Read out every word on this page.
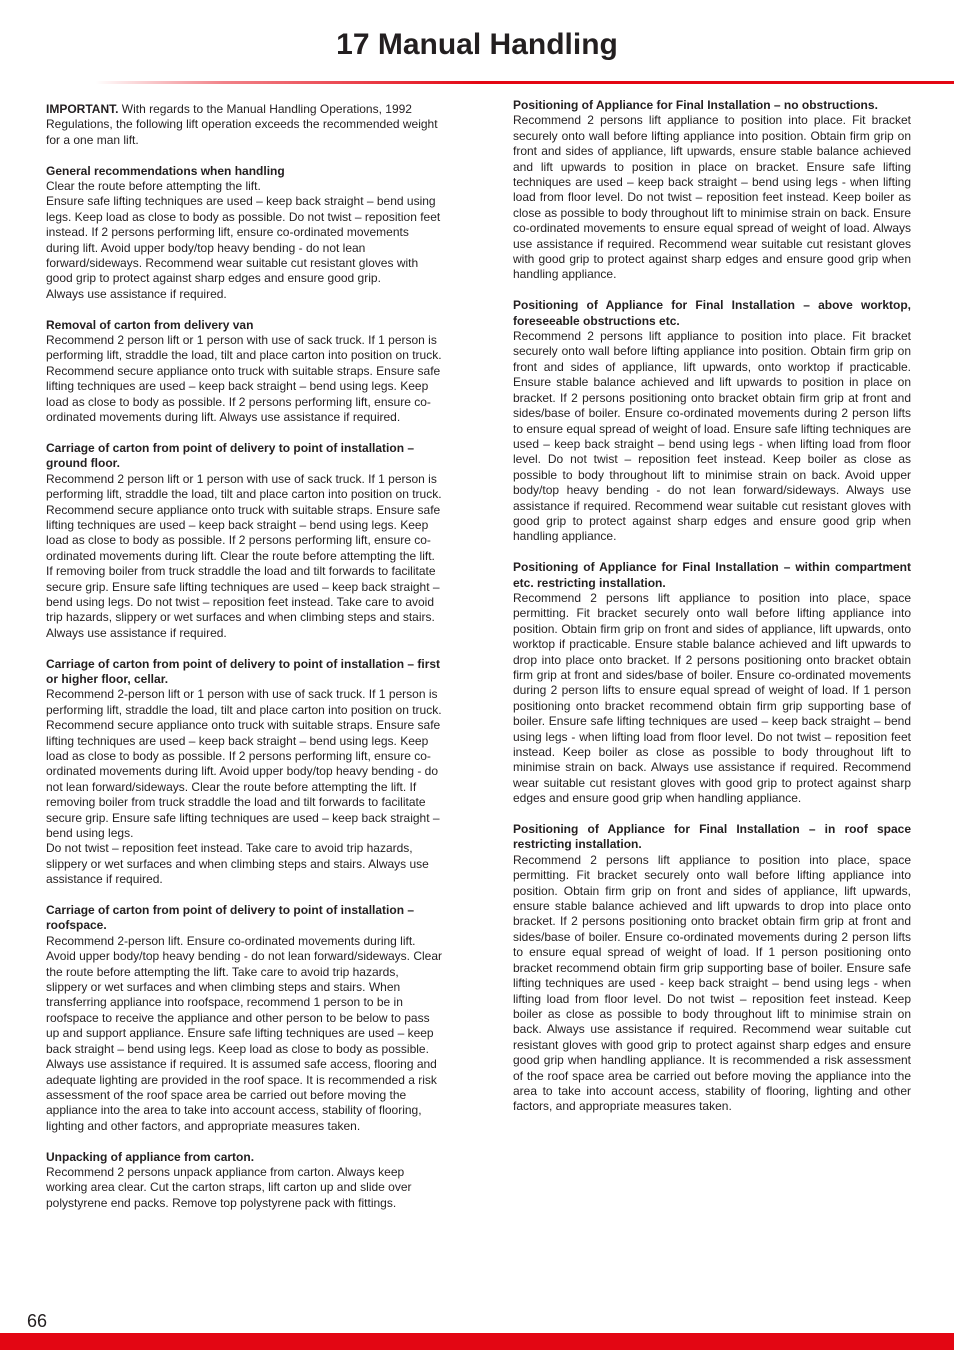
17 Manual Handling

IMPORTANT. With regards to the Manual Handling Operations, 1992 Regulations, the following lift operation exceeds the recommended weight for a one man lift.

General recommendations when handling
Clear the route before attempting the lift.
Ensure safe lifting techniques are used – keep back straight – bend using legs. Keep load as close to body as possible. Do not twist – reposition feet instead. If 2 persons performing lift, ensure co-ordinated movements during lift. Avoid upper body/top heavy bending - do not lean forward/sideways. Recommend wear suitable cut resistant gloves with good grip to protect against sharp edges and ensure good grip.
Always use assistance if required.

Removal of carton from delivery van
Recommend 2 person lift or 1 person with use of sack truck. If 1 person is performing lift, straddle the load, tilt and place carton into position on truck. Recommend secure appliance onto truck with suitable straps. Ensure safe lifting techniques are used – keep back straight – bend using legs. Keep load as close to body as possible. If 2 persons performing lift, ensure co-ordinated movements during lift. Always use assistance if required.

Carriage of carton from point of delivery to point of installation – ground floor.
Recommend 2 person lift or 1 person with use of sack truck. If 1 person is performing lift, straddle the load, tilt and place carton into position on truck. Recommend secure appliance onto truck with suitable straps. Ensure safe lifting techniques are used – keep back straight – bend using legs. Keep load as close to body as possible. If 2 persons performing lift, ensure co-ordinated movements during lift. Clear the route before attempting the lift. If removing boiler from truck straddle the load and tilt forwards to facilitate secure grip. Ensure safe lifting techniques are used – keep back straight – bend using legs. Do not twist – reposition feet instead. Take care to avoid trip hazards, slippery or wet surfaces and when climbing steps and stairs. Always use assistance if required.

Carriage of carton from point of delivery to point of installation – first or higher floor, cellar.
Recommend 2-person lift or 1 person with use of sack truck. If 1 person is performing lift, straddle the load, tilt and place carton into position on truck. Recommend secure appliance onto truck with suitable straps. Ensure safe lifting techniques are used – keep back straight – bend using legs. Keep load as close to body as possible. If 2 persons performing lift, ensure co-ordinated movements during lift. Avoid upper body/top heavy bending - do not lean forward/sideways. Clear the route before attempting the lift. If removing boiler from truck straddle the load and tilt forwards to facilitate secure grip. Ensure safe lifting techniques are used – keep back straight – bend using legs.
Do not twist – reposition feet instead. Take care to avoid trip hazards, slippery or wet surfaces and when climbing steps and stairs. Always use assistance if required.

Carriage of carton from point of delivery to point of installation – roofspace.
Recommend 2-person lift. Ensure co-ordinated movements during lift. Avoid upper body/top heavy bending - do not lean forward/sideways. Clear the route before attempting the lift. Take care to avoid trip hazards, slippery or wet surfaces and when climbing steps and stairs. When transferring appliance into roofspace, recommend 1 person to be in roofspace to receive the appliance and other person to be below to pass up and support appliance. Ensure safe lifting techniques are used – keep back straight – bend using legs. Keep load as close to body as possible. Always use assistance if required. It is assumed safe access, flooring and adequate lighting are provided in the roof space. It is recommended a risk assessment of the roof space area be carried out before moving the appliance into the area to take into account access, stability of flooring, lighting and other factors, and appropriate measures taken.

Unpacking of appliance from carton.
Recommend 2 persons unpack appliance from carton. Always keep working area clear. Cut the carton straps, lift carton up and slide over polystyrene end packs. Remove top polystyrene pack with fittings.

Positioning of Appliance for Final Installation – no obstructions.
Recommend 2 persons lift appliance to position into place. Fit bracket securely onto wall before lifting appliance into position. Obtain firm grip on front and sides of appliance, lift upwards, ensure stable balance achieved and lift upwards to position in place on bracket. Ensure safe lifting techniques are used – keep back straight – bend using legs - when lifting load from floor level. Do not twist – reposition feet instead. Keep boiler as close as possible to body throughout lift to minimise strain on back. Ensure co-ordinated movements to ensure equal spread of weight of load. Always use assistance if required. Recommend wear suitable cut resistant gloves with good grip to protect against sharp edges and ensure good grip when handling appliance.

Positioning of Appliance for Final Installation – above worktop, foreseeable obstructions etc.
Recommend 2 persons lift appliance to position into place. Fit bracket securely onto wall before lifting appliance into position. Obtain firm grip on front and sides of appliance, lift upwards, onto worktop if practicable. Ensure stable balance achieved and lift upwards to position in place on bracket. If 2 persons positioning onto bracket obtain firm grip at front and sides/base of boiler. Ensure co-ordinated movements during 2 person lifts to ensure equal spread of weight of load. Ensure safe lifting techniques are used – keep back straight – bend using legs - when lifting load from floor level. Do not twist – reposition feet instead. Keep boiler as close as possible to body throughout lift to minimise strain on back. Avoid upper body/top heavy bending - do not lean forward/sideways. Always use assistance if required. Recommend wear suitable cut resistant gloves with good grip to protect against sharp edges and ensure good grip when handling appliance.

Positioning of Appliance for Final Installation – within compartment etc. restricting installation.
Recommend 2 persons lift appliance to position into place, space permitting. Fit bracket securely onto wall before lifting appliance into position. Obtain firm grip on front and sides of appliance, lift upwards, onto worktop if practicable. Ensure stable balance achieved and lift upwards to drop into place onto bracket. If 2 persons positioning onto bracket obtain firm grip at front and sides/base of boiler. Ensure co-ordinated movements during 2 person lifts to ensure equal spread of weight of load. If 1 person positioning onto bracket recommend obtain firm grip supporting base of boiler. Ensure safe lifting techniques are used – keep back straight – bend using legs - when lifting load from floor level. Do not twist – reposition feet instead. Keep boiler as close as possible to body throughout lift to minimise strain on back. Always use assistance if required. Recommend wear suitable cut resistant gloves with good grip to protect against sharp edges and ensure good grip when handling appliance.

Positioning of Appliance for Final Installation – in roof space restricting installation.
Recommend 2 persons lift appliance to position into place, space permitting. Fit bracket securely onto wall before lifting appliance into position. Obtain firm grip on front and sides of appliance, lift upwards, ensure stable balance achieved and lift upwards to drop into place onto bracket. If 2 persons positioning onto bracket obtain firm grip at front and sides/base of boiler. Ensure co-ordinated movements during 2 person lifts to ensure equal spread of weight of load. If 1 person positioning onto bracket recommend obtain firm grip supporting base of boiler. Ensure safe lifting techniques are used - keep back straight – bend using legs - when lifting load from floor level. Do not twist – reposition feet instead. Keep boiler as close as possible to body throughout lift to minimise strain on back. Always use assistance if required. Recommend wear suitable cut resistant gloves with good grip to protect against sharp edges and ensure good grip when handling appliance. It is recommended a risk assessment of the roof space area be carried out before moving the appliance into the area to take into account access, stability of flooring, lighting and other factors, and appropriate measures taken.

66
